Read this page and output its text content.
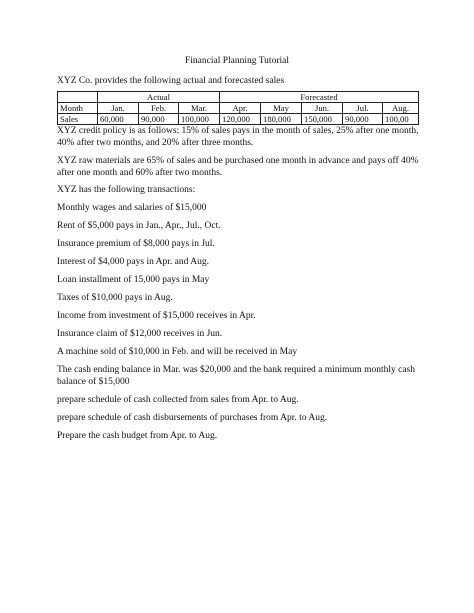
Financial Planning Tutorial
XYZ Co. provides the following actual and forecasted sales
	Actual			Forecasted				
Month	Jan.	Feb.	Mar.	Apr.	May	Jun.	Jul.	Aug.
Sales	60,000	90,000	100,000	120,000	180,000	150,000	90,000	100,00
XYZ credit policy is as follows: 15% of sales pays in the month of sales, 25% after one month, 40% after two months, and 20% after three months.
XYZ raw materials are 65% of sales and be purchased one month in advance and pays off 40% after one month and 60% after two months.
XYZ has the following transactions:
Monthly wages and salaries of $15,000
Rent of $5,000 pays in Jan., Apr., Jul., Oct.
Insurance premium of $8,000 pays in Jul.
Interest of $4,000 pays in Apr. and Aug.
Loan installment of 15,000 pays in May
Taxes of $10,000 pays in Aug.
Income from investment of $15,000 receives in Apr.
Insurance claim of $12,000 receives in Jun.
A machine sold of $10,000 in Feb. and will be received in May
The cash ending balance in Mar. was $20,000 and the bank required a minimum monthly cash balance of $15,000
prepare schedule of cash collected from sales from Apr. to Aug.
prepare schedule of cash disbursements of purchases from Apr. to Aug.
Prepare the cash budget from Apr. to Aug.
